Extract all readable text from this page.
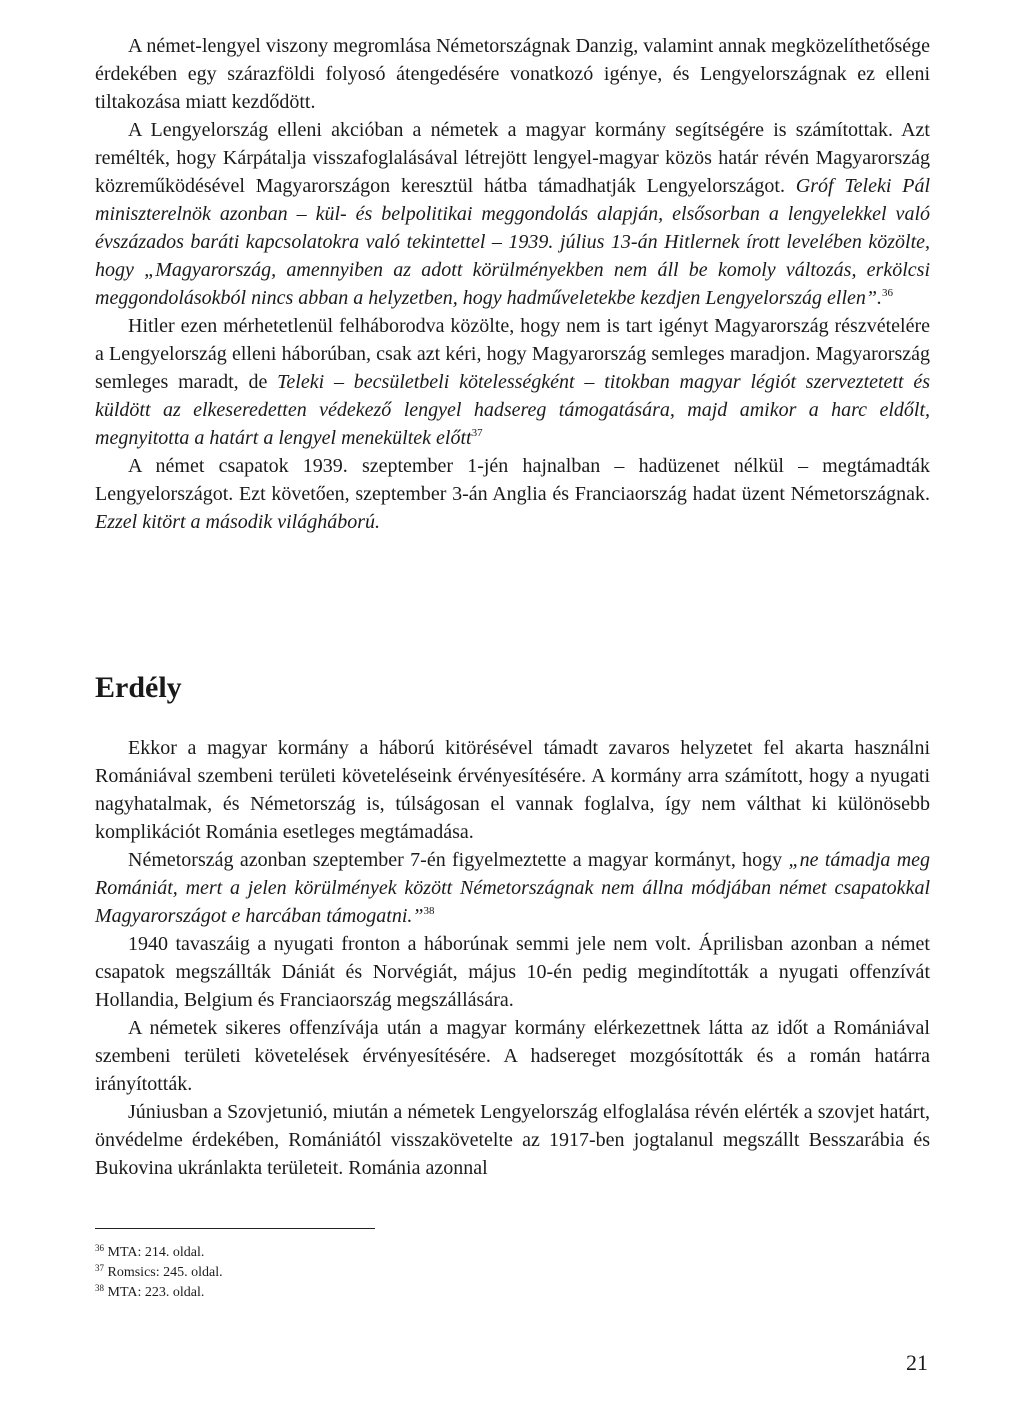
A német-lengyel viszony megromlása Németországnak Danzig, valamint annak megközelíthetősége érdekében egy szárazföldi folyosó átengedésére vonatkozó igénye, és Lengyelországnak ez elleni tiltakozása miatt kezdődött.

A Lengyelország elleni akcióban a németek a magyar kormány segítségére is számítottak. Azt remélték, hogy Kárpátalja visszafoglalásával létrejött lengyel-magyar közös határ révén Magyarország közreműködésével Magyarországon keresztül hátba támadhatják Lengyelországot. Gróf Teleki Pál miniszterelnök azonban – kül- és belpolitikai meggondolás alapján, elsősorban a lengyelekkel való évszázados baráti kapcsolatokra való tekintettel – 1939. július 13-án Hitlernek írott levelében közölte, hogy „Magyarország, amennyiben az adott körülményekben nem áll be komoly változás, erkölcsi meggondolásokból nincs abban a helyzetben, hogy hadműveletekbe kezdjen Lengyelország ellen”.$^{36}$

Hitler ezen mérhetetlenül felháborodva közölte, hogy nem is tart igényt Magyarország részvételére a Lengyelország elleni háborúban, csak azt kéri, hogy Magyarország semleges maradjon. Magyarország semleges maradt, de Teleki – becsületbeli kötelességként – titokban magyar légiót szerveztetett és küldött az elkeseredetten védekező lengyel hadsereg támogatására, majd amikor a harc eldőlt, megnyitotta a határt a lengyel menekültek előtt$^{37}$

A német csapatok 1939. szeptember 1-jén hajnalban – hadüzenet nélkül – megtámadták Lengyelországot. Ezt követően, szeptember 3-án Anglia és Franciaország hadat üzent Németországnak. Ezzel kitört a második világháború.

Erdély

Ekkor a magyar kormány a háború kitörésével támadt zavaros helyzetet fel akarta használni Romániával szembeni területi követeléseink érvényesítésére. A kormány arra számított, hogy a nyugati nagyhatalmak, és Németország is, túlságosan el vannak foglalva, így nem válthat ki különösebb komplikációt Románia esetleges megtámadása.

Németország azonban szeptember 7-én figyelmeztette a magyar kormányt, hogy „ne támadja meg Romániát, mert a jelen körülmények között Németországnak nem állna módjában német csapatokkal Magyarországot e harcában támogatni.”$^{38}$

1940 tavaszáig a nyugati fronton a háborúnak semmi jele nem volt. Áprilisban azonban a német csapatok megszállták Dániát és Norvégiát, május 10-én pedig megindították a nyugati offenzívát Hollandia, Belgium és Franciaország megszállására.

A németek sikeres offenzívája után a magyar kormány elérkezettnek látta az időt a Romániával szembeni területi követelések érvényesítésére. A hadsereget mozgósították és a román határra irányították.

Júniusban a Szovjetunió, miután a németek Lengyelország elfoglalása révén elérték a szovjet határt, önvédelme érdekében, Romániától visszakövetelte az 1917-ben jogtalanul megszállt Besszarábia és Bukovina ukránlakta területeit. Románia azonnal

$^{36}$ MTA: 214. oldal.
$^{37}$ Romsics: 245. oldal.
$^{38}$ MTA: 223. oldal.
21
